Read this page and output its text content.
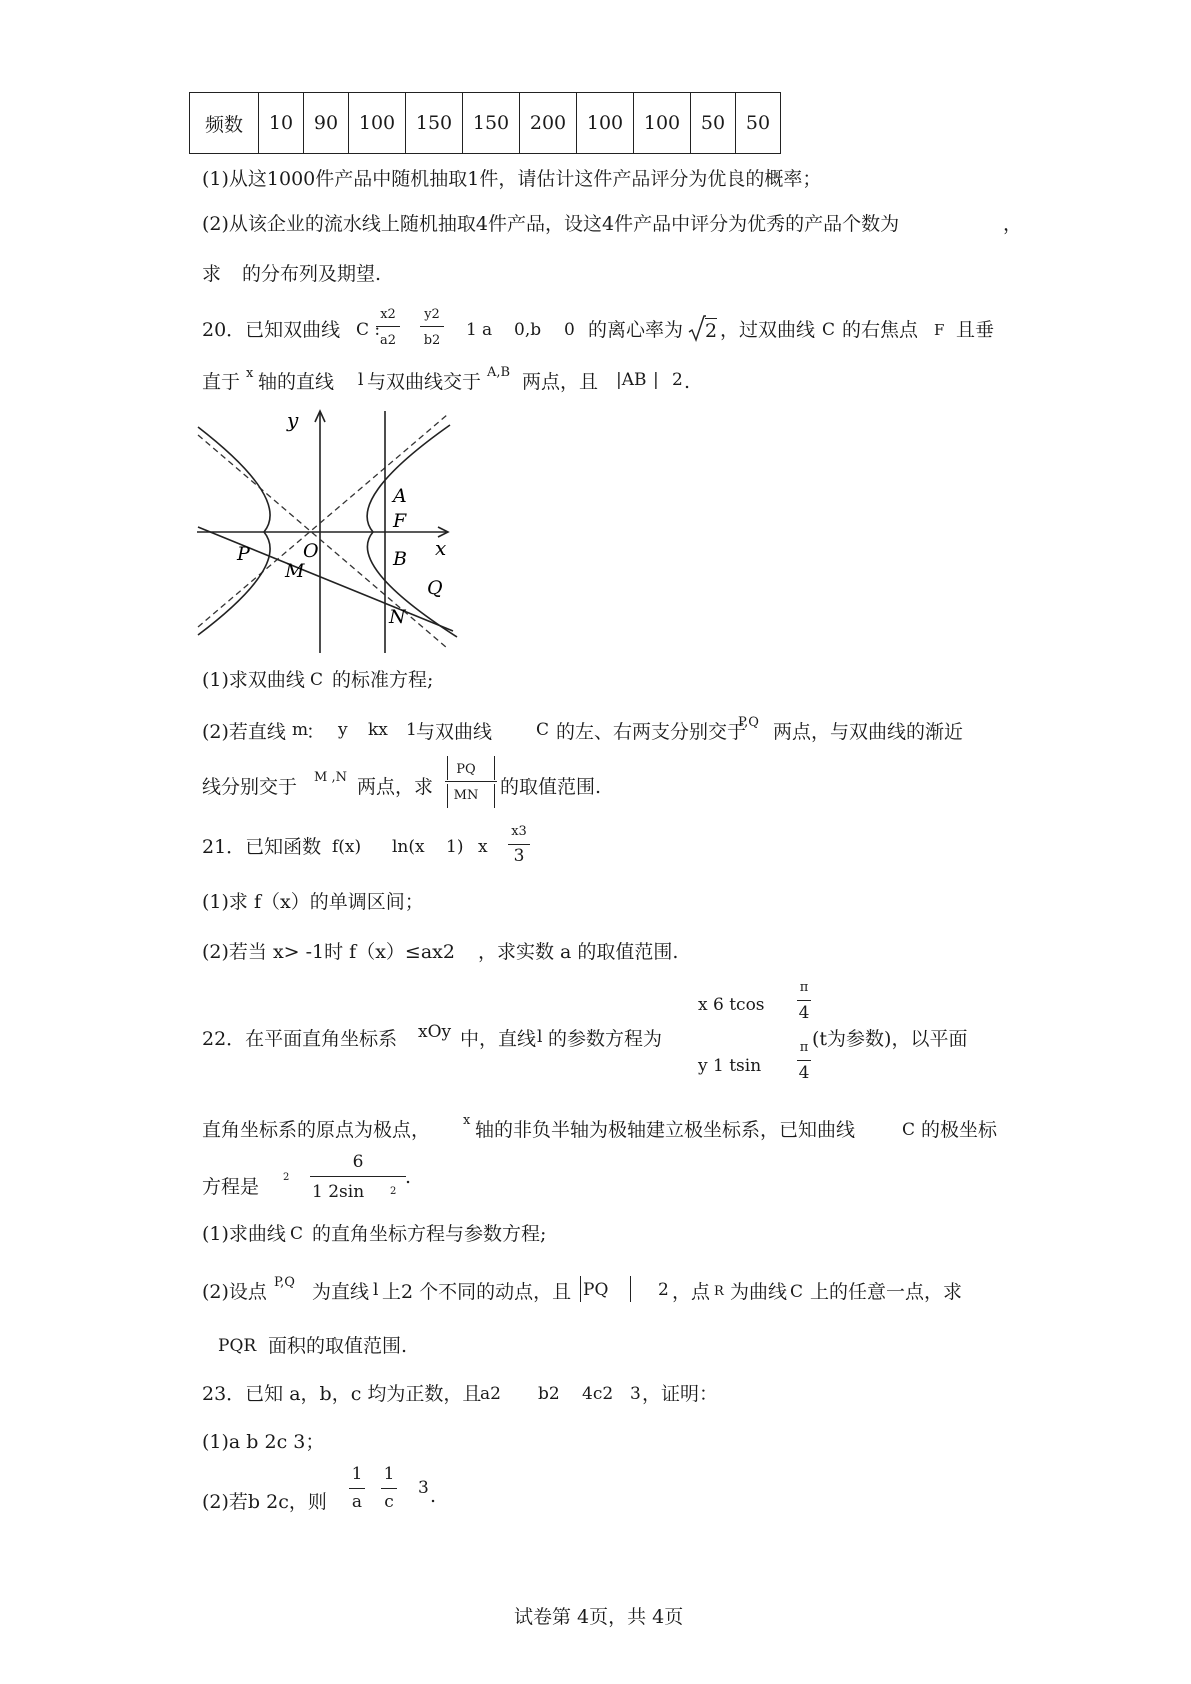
频数	10	90	100	150	150	200	100	100	50	50
(1)从这1000件产品中随机抽取1件，请估计这件产品评分为优良的概率；
(2)从该企业的流水线上随机抽取4件产品，设这4件产品中评分为优秀的产品个数为	，
求 的分布列及期望.
20．已知双曲线 C :
x2
a2
y2
b2
1 a 0,b 0 的离心率为 2 ，过双曲线 C 的右焦点 F 且垂
直于 x 轴的直线 l 与双曲线交于 A,B 两点，且 |AB | 2 .
y
x
A
F
B
O
P
M
Q
N
(1)求双曲线 C 的标准方程;
(2)若直线 m
： y kx 1 与双曲线	C 的左、右两支分别交于
P,Q 两点，与双曲线的渐近
线分别交于 M ,N 两点，求
PQ
MN 的取值范围.
21．已知函数 f(x) ln(x 1) x
x3
3
(1)求 f（x）的单调区间；
(2)若当 x> -1时 f（x）≤ax2 ，求实数 a 的取值范围.
22．在平面直角坐标系 xOy 中，直线 l 的参数方程为
x 6 tcos
π
4
y 1 tsin
π
4
(t为参数)，以平面
直角坐标系的原点为极点，	x 轴的非负半轴为极轴建立极坐标系，已知曲线	C 的极坐标
方程是 2
6
1 2sin	2
.
(1)求曲线 C 的直角坐标方程与参数方程;
(2)设点 P,Q 为直线 l 上2 个不同的动点，且 PQ	2 ，点 R 为曲线 C 上的任意一点，求
PQR 面积的取值范围.
23．已知 a，b，c 均为正数，且
a2 b2 4c2 3 ，证明：
(1)a b 2c 3；
(2)若b 2c，则
1
a
1
c
3 .
试卷第 4页，共 4页
